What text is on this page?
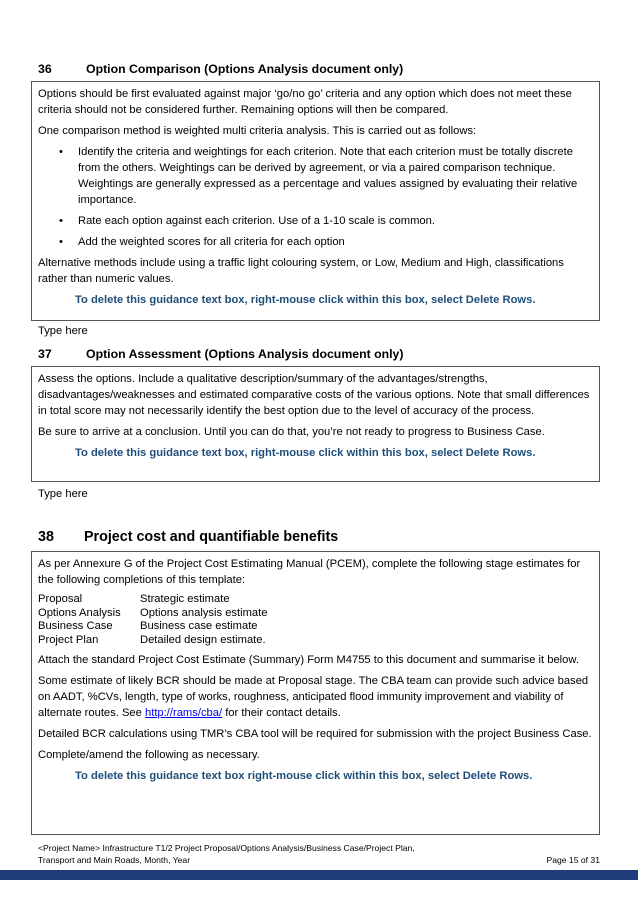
36	Option Comparison (Options Analysis document only)

Options should be first evaluated against major ‘go/no go’ criteria and any option which does not meet these criteria should not be considered further. Remaining options will then be compared.

One comparison method is weighted multi criteria analysis. This is carried out as follows:

• Identify the criteria and weightings for each criterion. Note that each criterion must be totally discrete from the others. Weightings can be derived by agreement, or via a paired comparison technique. Weightings are generally expressed as a percentage and values assigned by evaluating their relative importance.
• Rate each option against each criterion. Use of a 1-10 scale is common.
• Add the weighted scores for all criteria for each option

Alternative methods include using a traffic light colouring system, or Low, Medium and High, classifications rather than numeric values.

To delete this guidance text box, right-mouse click within this box, select Delete Rows.

Type here
37	Option Assessment (Options Analysis document only)

Assess the options. Include a qualitative description/summary of the advantages/strengths, disadvantages/weaknesses and estimated comparative costs of the various options. Note that small differences in total score may not necessarily identify the best option due to the level of accuracy of the process.

Be sure to arrive at a conclusion. Until you can do that, you’re not ready to progress to Business Case.

To delete this guidance text box, right-mouse click within this box, select Delete Rows.

Type here
38 Project cost and quantifiable benefits

As per Annexure G of the Project Cost Estimating Manual (PCEM), complete the following stage estimates for the following completions of this template:

Proposal	Strategic estimate
Options Analysis	Options analysis estimate
Business Case	Business case estimate
Project Plan	Detailed design estimate.

Attach the standard Project Cost Estimate (Summary) Form M4755 to this document and summarise it below.

Some estimate of likely BCR should be made at Proposal stage. The CBA team can provide such advice based on AADT, %CVs, length, type of works, roughness, anticipated flood immunity improvement and viability of alternate routes. See http://rams/cba/ for their contact details.

Detailed BCR calculations using TMR’s CBA tool will be required for submission with the project Business Case.

Complete/amend the following as necessary.

To delete this guidance text box right-mouse click within this box, select Delete Rows.

<Project Name> Infrastructure T1/2 Project Proposal/Options Analysis/Business Case/Project Plan,
Transport and Main Roads, Month, Year	Page 15 of 31
